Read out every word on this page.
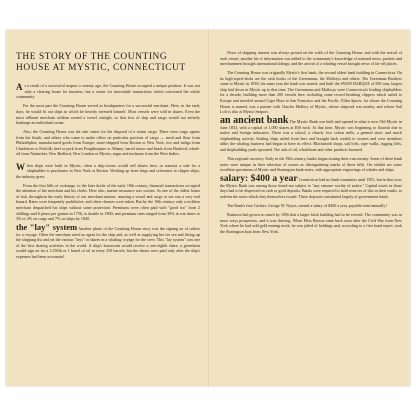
THE STORY OF THE COUNTING HOUSE AT MYSTIC, CONNECTICUT

As a result of a successful seaport a century ago, the Counting House occupied a unique position. It was not only a clearing house for business, but a center for mercantile transactions which concerned the whole community.

For the most part the Counting House served as headquarters for a successful merchant. Here, in the early days, he would fit out ships in which he heavily invested himself. Most vessels were sold in shares. Even the most affluent merchant seldom owned a vessel outright, so that loss of ship and cargo would not entirely bankrupt an individual owner.

Also, the Counting House was the sale center for the disposal of a return cargo. There were cargo agents from the South, and others who came to make offers on particular portions of cargo — meal and flour from Philadelphia; manufactured goods from Europe; stone-shipped from Boston or New York; rice and indigo from Charleston or Norfolk; beef or pork from Poughkeepsie or Albany; barrel staves and heads from Hartford; whale-oil from Nantucket, New Bedford, New London or Mystic; sugar and molasses from the West Indies.

When ships were built in Mystic, often a ship-owner would sell shares here, or transact a sale for a shipbuilder to purchasers in New York or Boston. Working up from brigs and schooners to clipper ships, the industry grew.

From the first hills of exchange, to the later drafts of the early 19th century, financial transactions occupied the attention of the merchant and his clerks. Here also, marine insurance was written. As one of the oldest forms of risk, throughout the early history of our merchant marine, insuring a vessel and cargo at sea was a very real hazard. Rates were frequently prohibitive, and often chances were taken. But by the 19th century only a reckless merchant despatched his ships without some protection. Premiums were often paid with "good too" from 2 shillings and 6 pence per guinea in 1756, to double in 1800; and premium rates ranged from 30% in war times to 3% or 2% on cargo and 7% on ships by 1840.

the "lay" system Another phase of the Counting House story was the signing on of sailors for a voyage. Often the merchant acted as agent for the ship and, as well as supplying her for sea and fitting up the shipping list and set the various "lays" or shares in a whaling voyage for the crew. This "lay system" was one of the first sharing activities in the world. A ship's boatswain would receive a one-eighth share, a greenhorn would sign on for a 1/250th or 1 barrel of oil in every 250 barrels, but the shares were paid only after the ship's expenses had been accounted.

News of shipping interest was always posted on the walls of the Counting House, and with the arrival of each vessel, another bit of information was added to the community's knowledge of national news; packets and merchantmen brought international tidings; and the arrival of a whaling vessel brought news of far-off places.

The Counting House was originally Mystic's first bank, the second oldest bank building in Connecticut. On its high-toped desks are the cash books of the Greenmans, the Mallorys and others. The Greenman Brothers came to Mystic in 1838, the same year the bank was started, and built the SWAN BARQUE of 500 tons, largest ship laid down in Mystic up to that time. The Greenmans and Mallorys were Connecticut's leading shipbuilders for a decade, building more than 200 vessels here, including some record breaking clippers which sailed to Europe and traveled around Cape Horn to San Francisco and the Pacific. Elihu Spicer, for whom the Counting House is named, was a partner with Charles Mallory of Mystic, whose shipyard was nearby, and whose Sail Loft is also at Mystic Seaport.

an ancient bank The Mystic Bank was built and opened in what is now Old Mystic in June 1833, with a capital of 1,000 shares at $50 each. At that time, Mystic was beginning to flourish due to native and foreign industries. There was a school, a church, two cotton mills, a general store, and much shipbuilding activity. Sealing ships sailed from here and brought back wealth to owners and crew members alike; the whaling business had begun to have its effect. Blacksmith shops, sail lofts, rope walks, rigging lofts, and shipbuilding yards sprouted. The sale of oil, whalebone and other products boomed.

This regional currency. Early in the 19th century, banks began issuing their own money. Some of these bank notes were unique in their selection of scenes as distinguishing marks of these bills. On exhibit are some excellent specimens of Mystic and Stonington bank notes, with appropriate engravings of whales and ships.

salary: $400 a year Connecticut had no bank examiners until 1851, but in that year, the Mystic Bank was among those found not subject to "any censure worthy of notice." Capital assets in those days had to be dispersed on cash or gold deposits. Banks were required to hold reserves of this in their vaults, to redeem the notes which they themselves issued. These deposits constituted largely of government funds.

The Bank's first Cashier, George W. Noyes, earned a salary of $400 a year, payable semi-annually!

Business had grown so much by 1856 that a larger brick building had to be erected. The community was in more ways prosperous, and it was thriving. When Elias Brown came back soon after the Civil War from New York where he had sold gold mining stock, he was jailed of holdings and, according to a first hand report, took the Stonington boat from New York.
